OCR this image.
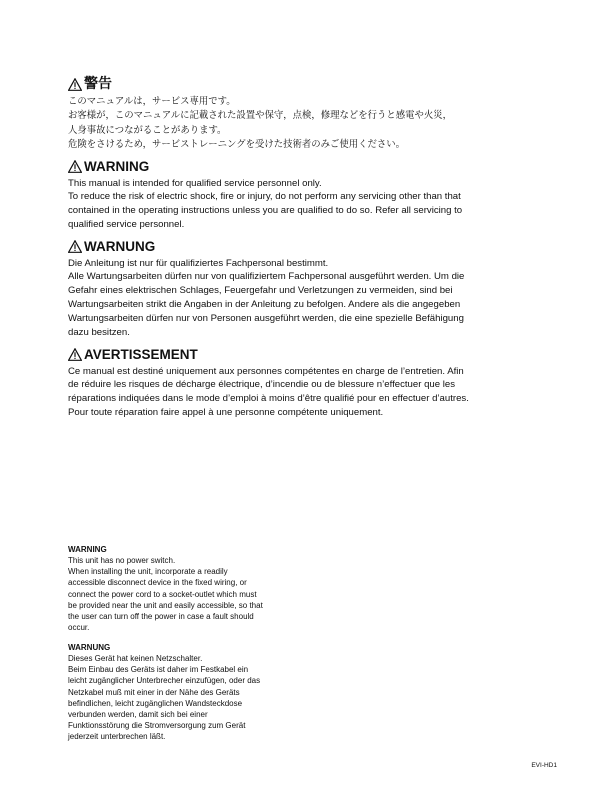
警告

このマニュアルは，サービス専用です。

お客様が，このマニュアルに記載された設置や保守，点検，修理などを行うと感電や火災，

人身事故につながることがあります。

危険をさけるため，サービストレーニングを受けた技術者のみご使用ください。

WARNING

This manual is intended for qualified service personnel only.

To reduce the risk of electric shock, fire or injury, do not perform any servicing other than that

contained in the operating instructions unless you are qualified to do so. Refer all servicing to

qualified service personnel.

WARNUNG

Die Anleitung ist nur für qualifiziertes Fachpersonal bestimmt.

Alle Wartungsarbeiten dürfen nur von qualifiziertem Fachpersonal ausgeführt werden. Um die

Gefahr eines elektrischen Schlages, Feuergefahr und Verletzungen zu vermeiden, sind bei

Wartungsarbeiten strikt die Angaben in der Anleitung zu befolgen. Andere als die angegeben

Wartungsarbeiten dürfen nur von Personen ausgeführt werden, die eine spezielle Befähigung

dazu besitzen.

AVERTISSEMENT

Ce manual est destiné uniquement aux personnes compétentes en charge de l’entretien. Afin

de réduire les risques de décharge électrique, d’incendie ou de blessure n’effectuer que les

réparations indiquées dans le mode d’emploi à moins d’être qualifié pour en effectuer d’autres.

Pour toute réparation faire appel à une personne compétente uniquement.

WARNING

This unit has no power switch.

When installing the unit, incorporate a readily

accessible disconnect device in the fixed wiring, or

connect the power cord to a socket-outlet which must

be provided near the unit and easily accessible, so that

the user can turn off the power in case a fault should

occur.

WARNUNG

Dieses Gerät hat keinen Netzschalter.

Beim Einbau des Geräts ist daher im Festkabel ein

leicht zugänglicher Unterbrecher einzufügen, oder das

Netzkabel muß mit einer in der Nähe des Geräts

befindlichen, leicht zugänglichen Wandsteckdose

verbunden werden, damit sich bei einer

Funktionsstörung die Stromversorgung zum Gerät

jederzeit unterbrechen läßt.

EVI-HD1
